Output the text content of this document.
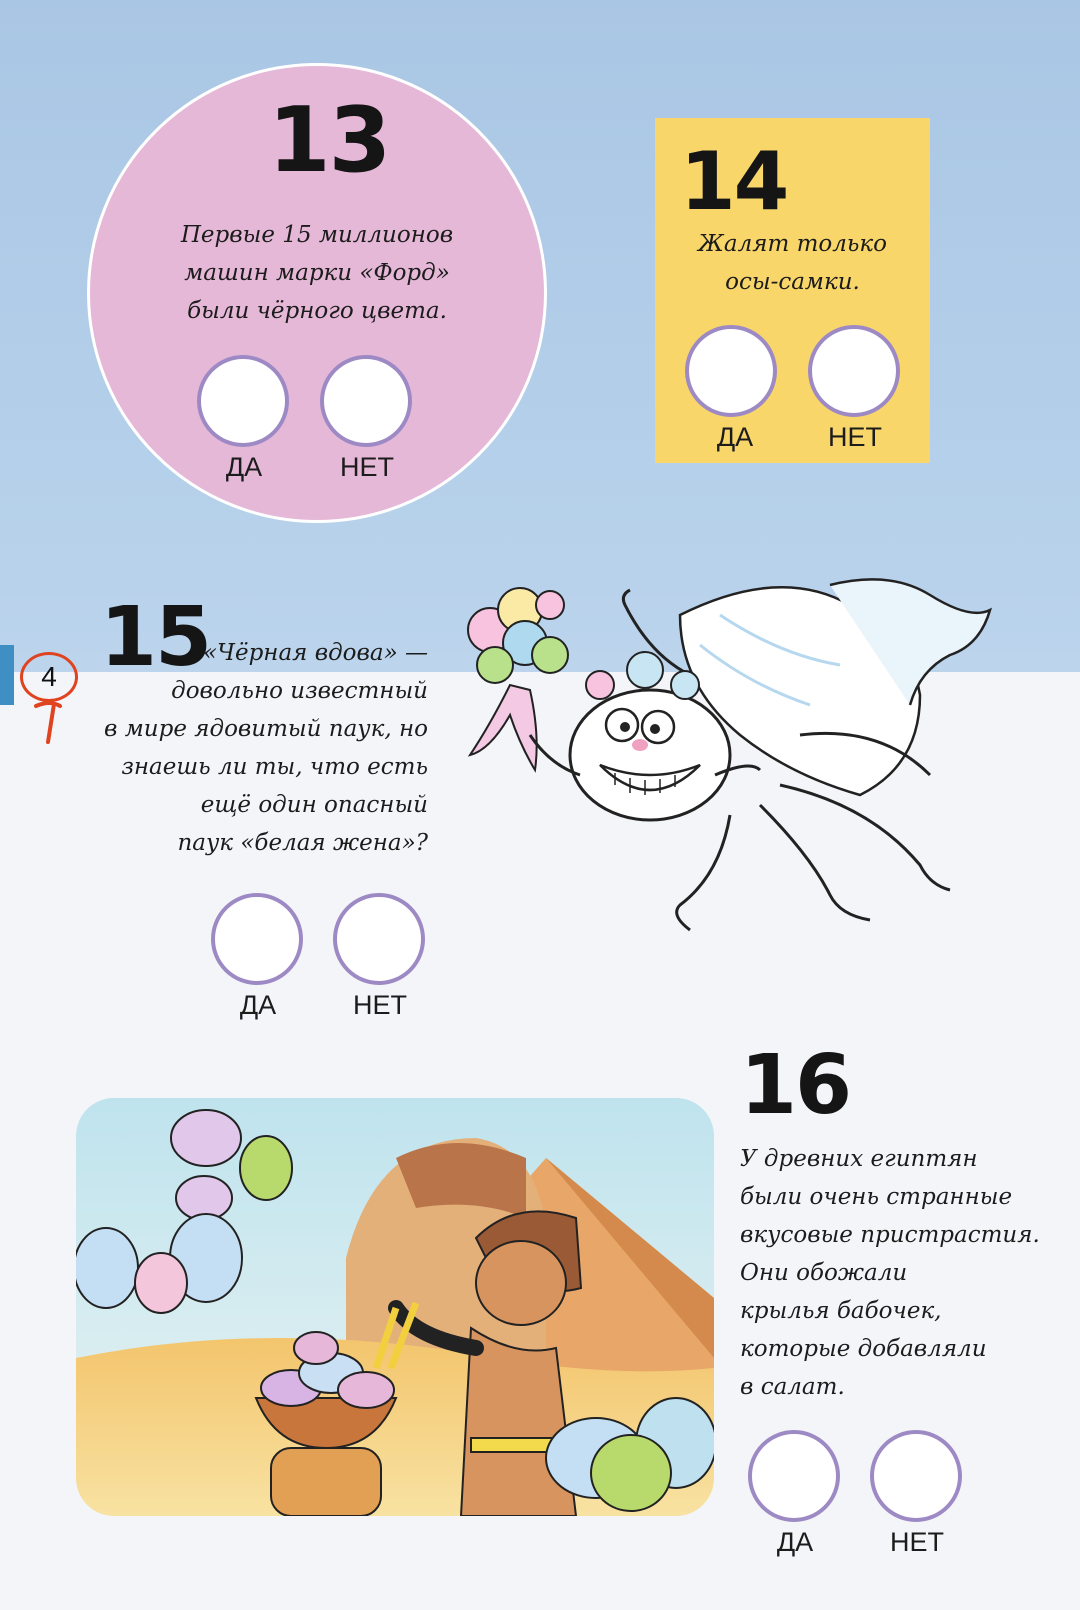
4
13
Первые 15 миллионов
машин марки «Форд»
были чёрного цвета.
ДА	НЕТ
14
Жалят только
осы-самки.
ДА	НЕТ
15
«Чёрная вдова» —
довольно известный
в мире ядовитый паук, но
знаешь ли ты, что есть
ещё один опасный
паук «белая жена»?
ДА	НЕТ
16
У древних египтян
были очень странные
вкусовые пристрастия.
Они обожали
крылья бабочек,
которые добавляли
в салат.
ДА	НЕТ
